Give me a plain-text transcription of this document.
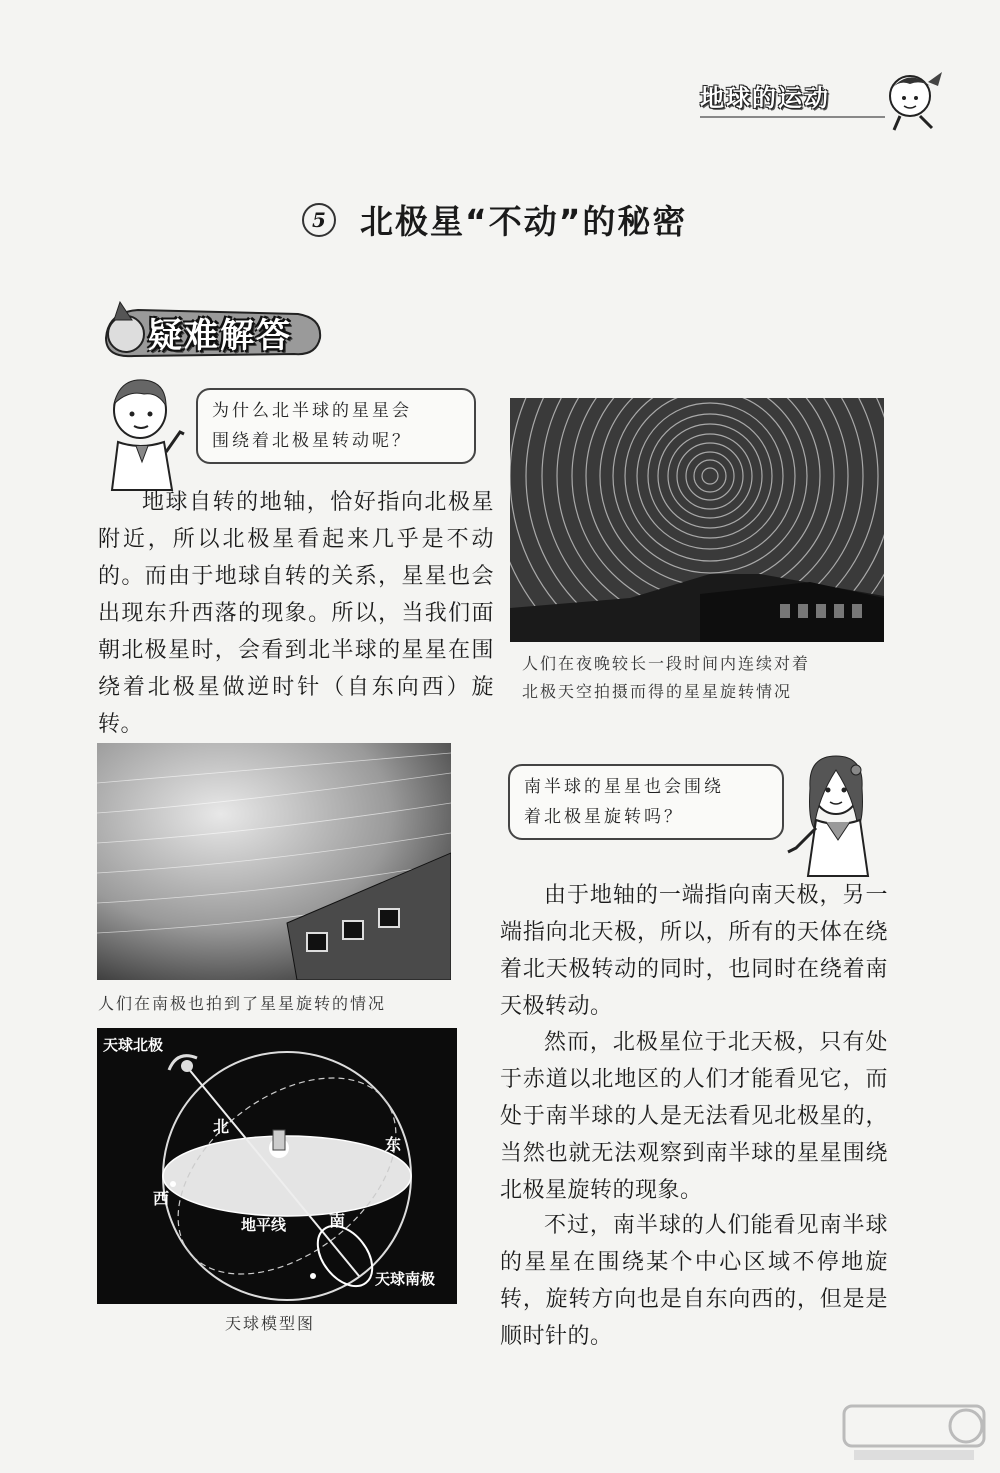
地球的运动
5	北极星“不动”的秘密
疑难解答
为什么北半球的星星会
围绕着北极星转动呢？
地球自转的地轴，恰好指向北极星附近，所以北极星看起来几乎是不动的。而由于地球自转的关系，星星也会出现东升西落的现象。所以，当我们面朝北极星时，会看到北半球的星星在围绕着北极星做逆时针（自东向西）旋转。
人们在夜晚较长一段时间内连续对着
北极天空拍摄而得的星星旋转情况
人们在南极也拍到了星星旋转的情况
天球北极
北
东
西
南
地平线
天球南极
天球模型图
南半球的星星也会围绕
着北极星旋转吗？
由于地轴的一端指向南天极，另一端指向北天极，所以，所有的天体在绕着北天极转动的同时，也同时在绕着南天极转动。
然而，北极星位于北天极，只有处于赤道以北地区的人们才能看见它，而处于南半球的人是无法看见北极星的，当然也就无法观察到南半球的星星围绕北极星旋转的现象。
不过，南半球的人们能看见南半球的星星在围绕某个中心区域不停地旋转，旋转方向也是自东向西的，但是是顺时针的。
